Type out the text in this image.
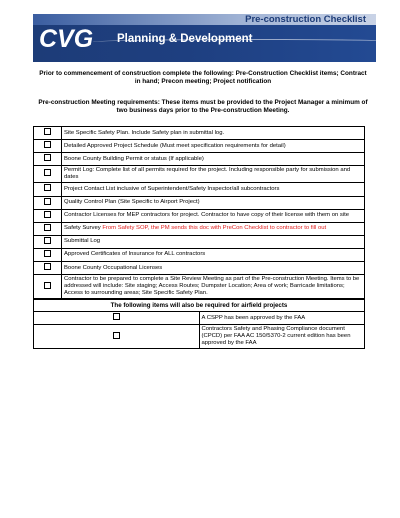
Pre-construction Checklist
CVG Planning & Development

Prior to commencement of construction complete the following: Pre-Construction Checklist items; Contract in hand; Precon meeting; Project notification

Pre-construction Meeting requirements: These items must be provided to the Project Manager a minimum of two business days prior to the Pre-construction Meeting.

	Site Specific Safety Plan. Include Safety plan in submittal log.
	Detailed Approved Project Schedule (Must meet specification requirements for detail)
	Boone County Building Permit or status (If applicable)
	Permit Log: Complete list of all permits required for the project. Including responsible party for submission and dates
	Project Contact List inclusive of Superintendent/Safety Inspector/all subcontractors
	Quality Control Plan (Site Specific to Airport Project)
	Contractor Licenses for MEP contractors for project. Contractor to have copy of their license with them on site
	Safety Survey From Safety SOP, the PM sends this doc with PreCon Checklist to contractor to fill out
	Submittal Log
	Approved Certificates of Insurance for ALL contractors
	Boone County Occupational Licenses
	Contractor to be prepared to complete a Site Review Meeting as part of the Pre-construction Meeting. Items to be addressed will include: Site staging; Access Routes; Dumpster Location; Area of work; Barricade limitations; Access to surrounding areas; Site Specific Safety Plan.
The following items will also be required for airfield projects	
	A CSPP has been approved by the FAA
	Contractors Safety and Phasing Compliance document (CPCD) per FAA AC 150/5370-2 current edition has been approved by the FAA
